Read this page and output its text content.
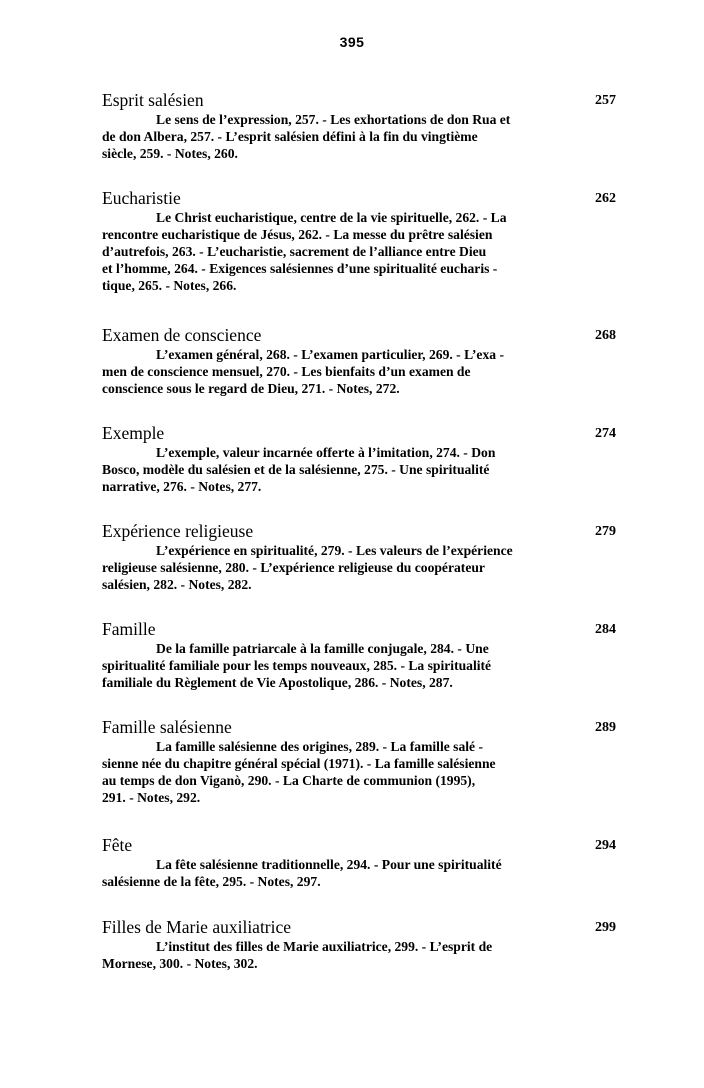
395
Esprit salésien	257
Le sens de l’expression, 257. - Les exhortations de don Rua et
de don Albera, 257. - L’esprit salésien défini à la fin du vingtième
siècle, 259. - Notes, 260.
Eucharistie	262
Le Christ eucharistique, centre de la vie spirituelle, 262. - La
rencontre eucharistique de Jésus, 262. - La messe du prêtre salésien
d’autrefois, 263. - L’eucharistie, sacrement de l’alliance entre Dieu
et l’homme, 264. - Exigences salésiennes d’une spiritualité eucharis -
tique, 265. - Notes, 266.
Examen de conscience	268
L’examen général, 268. - L’examen particulier, 269. - L’exa -
men de conscience mensuel, 270. - Les bienfaits d’un examen de
conscience sous le regard de Dieu, 271. - Notes, 272.
Exemple	274
L’exemple, valeur incarnée offerte à l’imitation, 274. - Don
Bosco, modèle du salésien et de la salésienne, 275. - Une spiritualité
narrative, 276. - Notes, 277.
Expérience religieuse	279
L’expérience en spiritualité, 279. - Les valeurs de l’expérience
religieuse salésienne, 280. - L’expérience religieuse du coopérateur
salésien, 282. - Notes, 282.
Famille	284
De la famille patriarcale à la famille conjugale, 284. - Une
spiritualité familiale pour les temps nouveaux, 285. - La spiritualité
familiale du Règlement de Vie Apostolique, 286. - Notes, 287.
Famille salésienne	289
La famille salésienne des origines, 289. - La famille salé -
sienne née du chapitre général spécial (1971). - La famille salésienne
au temps de don Viganò, 290. - La Charte de communion (1995),
291. - Notes, 292.
Fête	294
La fête salésienne traditionnelle, 294. - Pour une spiritualité
salésienne de la fête, 295. - Notes, 297.
Filles de Marie auxiliatrice	299
L’institut des filles de Marie auxiliatrice, 299. - L’esprit de
Mornese, 300. - Notes, 302.
